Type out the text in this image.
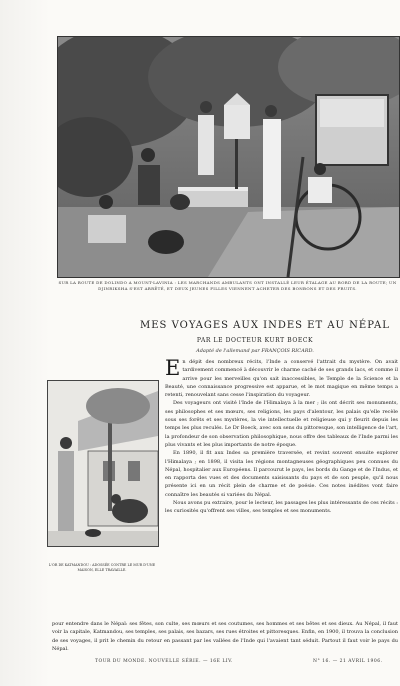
SUR LA ROUTE DE DOLINDO A MOUNT-LAVINIA : LES MARCHANDS AMBULANTS ONT INSTALLÉ LEUR ÉTALAGE AU BORD DE LA ROUTE; UN DJINRIKSHA S'EST ARRÊTÉ, ET DEUX JEUNES FILLES VIENNENT ACHETER DES BONBONS ET DES FRUITS.
MES VOYAGES AUX INDES ET AU NÉPAL
PAR LE DOCTEUR KURT BOECK
Adapté de l'allemand par FRANÇOIS RICARD.
L'OR DE KATMANDOU : ADOSSÉE CONTRE LE MUR D'UNE MAISON, ELLE TRAVAILLE.

En dépit des nombreux récits, l'Inde a conservé l'attrait du mystère. On avait tardivement commencé à découvrir le charme caché de ses grands lacs, et comme il arrive pour les merveilles qu'on sait inaccessibles, le Temple de la Science et la Beauté, une connaissance progressive est apparue, et le mot magique en même temps a retenti, renouvelant sans cesse l'inspiration du voyageur.

Des voyageurs ont visité l'Inde de l'Himalaya à la mer ; ils ont décrit ses monuments, ses philosophes et ses mœurs, ses religions, les pays d'alentour, les palais qu'elle recèle sous ses forêts et ses mystères, la vie intellectuelle et religieuse qui y fleurit depuis les temps les plus reculés. Le Dr Boeck, avec son sens du pittoresque, son intelligence de l'art, la profondeur de son observation philosophique, nous offre des tableaux de l'Inde parmi les plus vivants et les plus importants de notre époque.

En 1890, il fit aux Indes sa première traversée, et revint souvent ensuite explorer l'Himalaya ; en 1898, il visita les régions montagneuses géographiques peu connues du Népal, hospitalier aux Européens. Il parcourut le pays, les bords du Gange et de l'Indus, et en rapporta des vues et des documents saisissants du pays et de son peuple, qu'il nous présente ici en un récit plein de charme et de poésie. Ces notes inédites vont faire connaître les beautés si variées du Népal.

Nous avons pu extraire, pour le lecteur, les passages les plus intéressants de ces récits : les curiosités qu'offrent ses villes, ses temples et ses monuments.

pour entendre dans le Népal: ses fêtes, son culte, ses mœurs et ses coutumes, ses hommes et ses bêtes et ses dieux. Au Népal, il faut voir la capitale, Katmandou, ses temples, ses palais, ses bazars, ses rues étroites et pittoresques. Enfin, en 1900, il trouva la conclusion de ses voyages, il prit le chemin du retour en passant par les vallées de l'Inde qui l'avaient tant séduit. Partout il faut voir le pays du Népal.

TOUR DU MONDE. NOUVELLE SÉRIE. — 16E LIV.	N° 16. — 21 AVRIL 1906.
